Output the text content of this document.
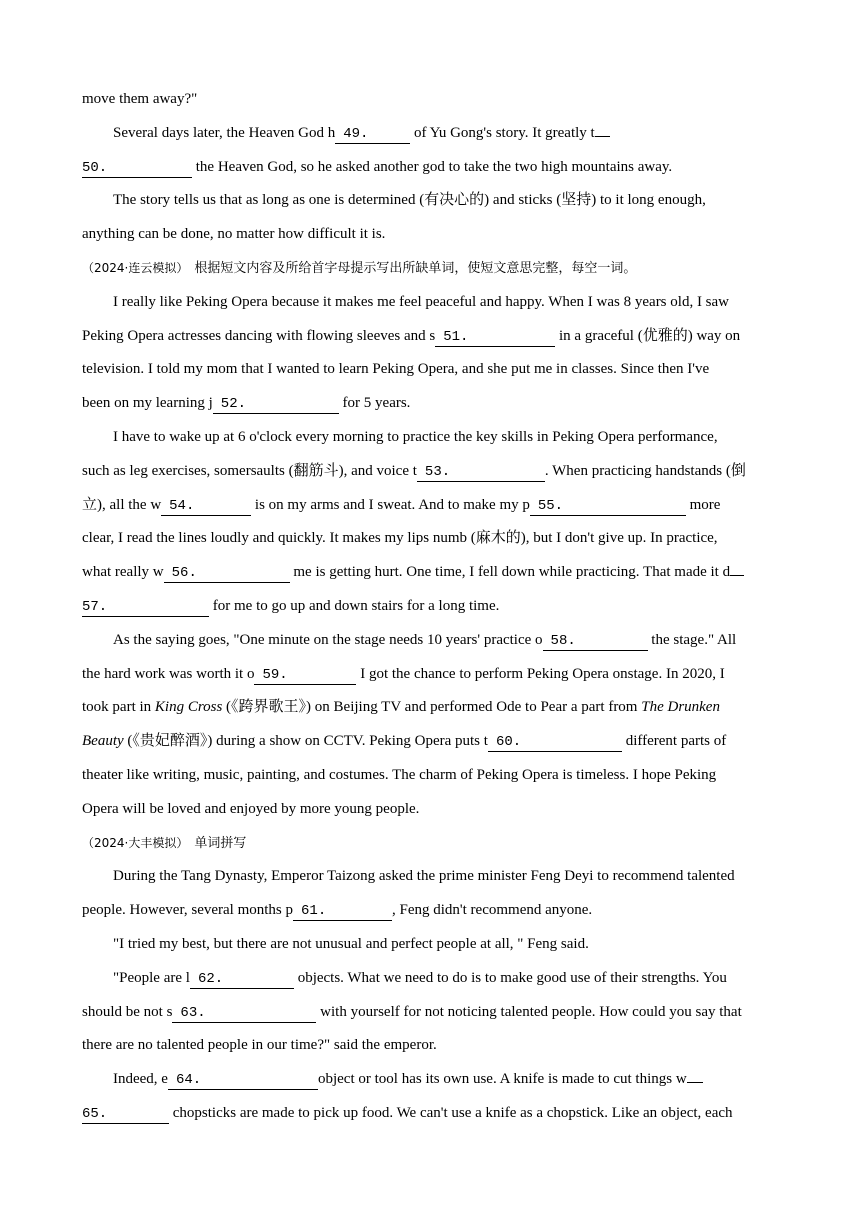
move them away?"
Several days later, the Heaven God h 49.	of Yu Gong's story. It greatly t
50.	the Heaven God, so he asked another god to take the two high mountains away.
The story tells us that as long as one is determined (有决心的) and sticks (坚持) to it long enough,
anything can be done, no matter how difficult it is.
（2024·连云模拟） 根据短文内容及所给首字母提示写出所缺单词，使短文意思完整，每空一词。
I really like Peking Opera because it makes me feel peaceful and happy. When I was 8 years old, I saw
Peking Opera actresses dancing with flowing sleeves and s 51.	in a graceful (优雅的) way on
television. I told my mom that I wanted to learn Peking Opera, and she put me in classes. Since then I've
been on my learning j 52.	for 5 years.
I have to wake up at 6 o'clock every morning to practice the key skills in Peking Opera performance,
such as leg exercises, somersaults (翻筋斗), and voice t 53.	. When practicing handstands (倒
立), all the w 54.	is on my arms and I sweat. And to make my p 55.	more
clear, I read the lines loudly and quickly. It makes my lips numb (麻木的), but I don't give up. In practice,
what really w 56.	me is getting hurt. One time, I fell down while practicing. That made it d
57.	for me to go up and down stairs for a long time.
As the saying goes, "One minute on the stage needs 10 years' practice o 58.	the stage." All
the hard work was worth it o 59.	I got the chance to perform Peking Opera onstage. In 2020, I
took part in King Cross (《跨界歌王》) on Beijing TV and performed Ode to Pear a part from The Drunken
Beauty (《贵妃醉酒》) during a show on CCTV. Peking Opera puts t 60.	different parts of
theater like writing, music, painting, and costumes. The charm of Peking Opera is timeless. I hope Peking
Opera will be loved and enjoyed by more young people.
（2024·大丰模拟） 单词拼写
During the Tang Dynasty, Emperor Taizong asked the prime minister Feng Deyi to recommend talented
people. However, several months p 61.	, Feng didn't recommend anyone.
"I tried my best, but there are not unusual and perfect people at all, " Feng said.
"People are l 62.	objects. What we need to do is to make good use of their strengths. You
should be not s 63.	with yourself for not noticing talented people. How could you say that
there are no talented people in our time?" said the emperor.
Indeed, e 64.	object or tool has its own use. A knife is made to cut things w
65.	chopsticks are made to pick up food. We can't use a knife as a chopstick. Like an object, each
